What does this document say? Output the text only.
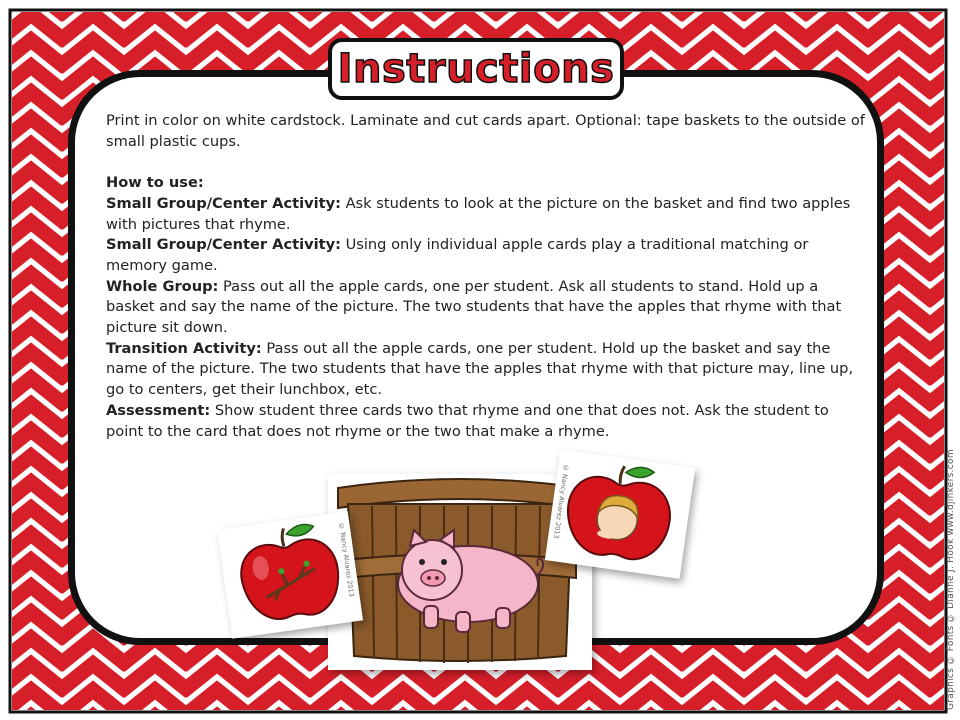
Instructions

Print in color on white cardstock. Laminate and cut cards apart. Optional: tape baskets to the outside of small plastic cups.

How to use:

Small Group/Center Activity: Ask students to look at the picture on the basket and find two apples with pictures that rhyme.

Small Group/Center Activity: Using only individual apple cards play a traditional matching or memory game.

Whole Group: Pass out all the apple cards, one per student. Ask all students to stand. Hold up a basket and say the name of the picture. The two students that have the apples that rhyme with that picture sit down.

Transition Activity: Pass out all the apple cards, one per student. Hold up the basket and say the name of the picture. The two students that have the apples that rhyme with that picture may, line up, go to centers, get their lunchbox, etc.

Assessment: Show student three cards two that rhyme and one that does not. Ask the student to point to the card that does not rhyme or the two that make a rhyme.

© Nancy Alvarez 2013
© Nancy Alvarez 2013	Graphics © Fonts © Dianne J. Hook www.djinkers.com
